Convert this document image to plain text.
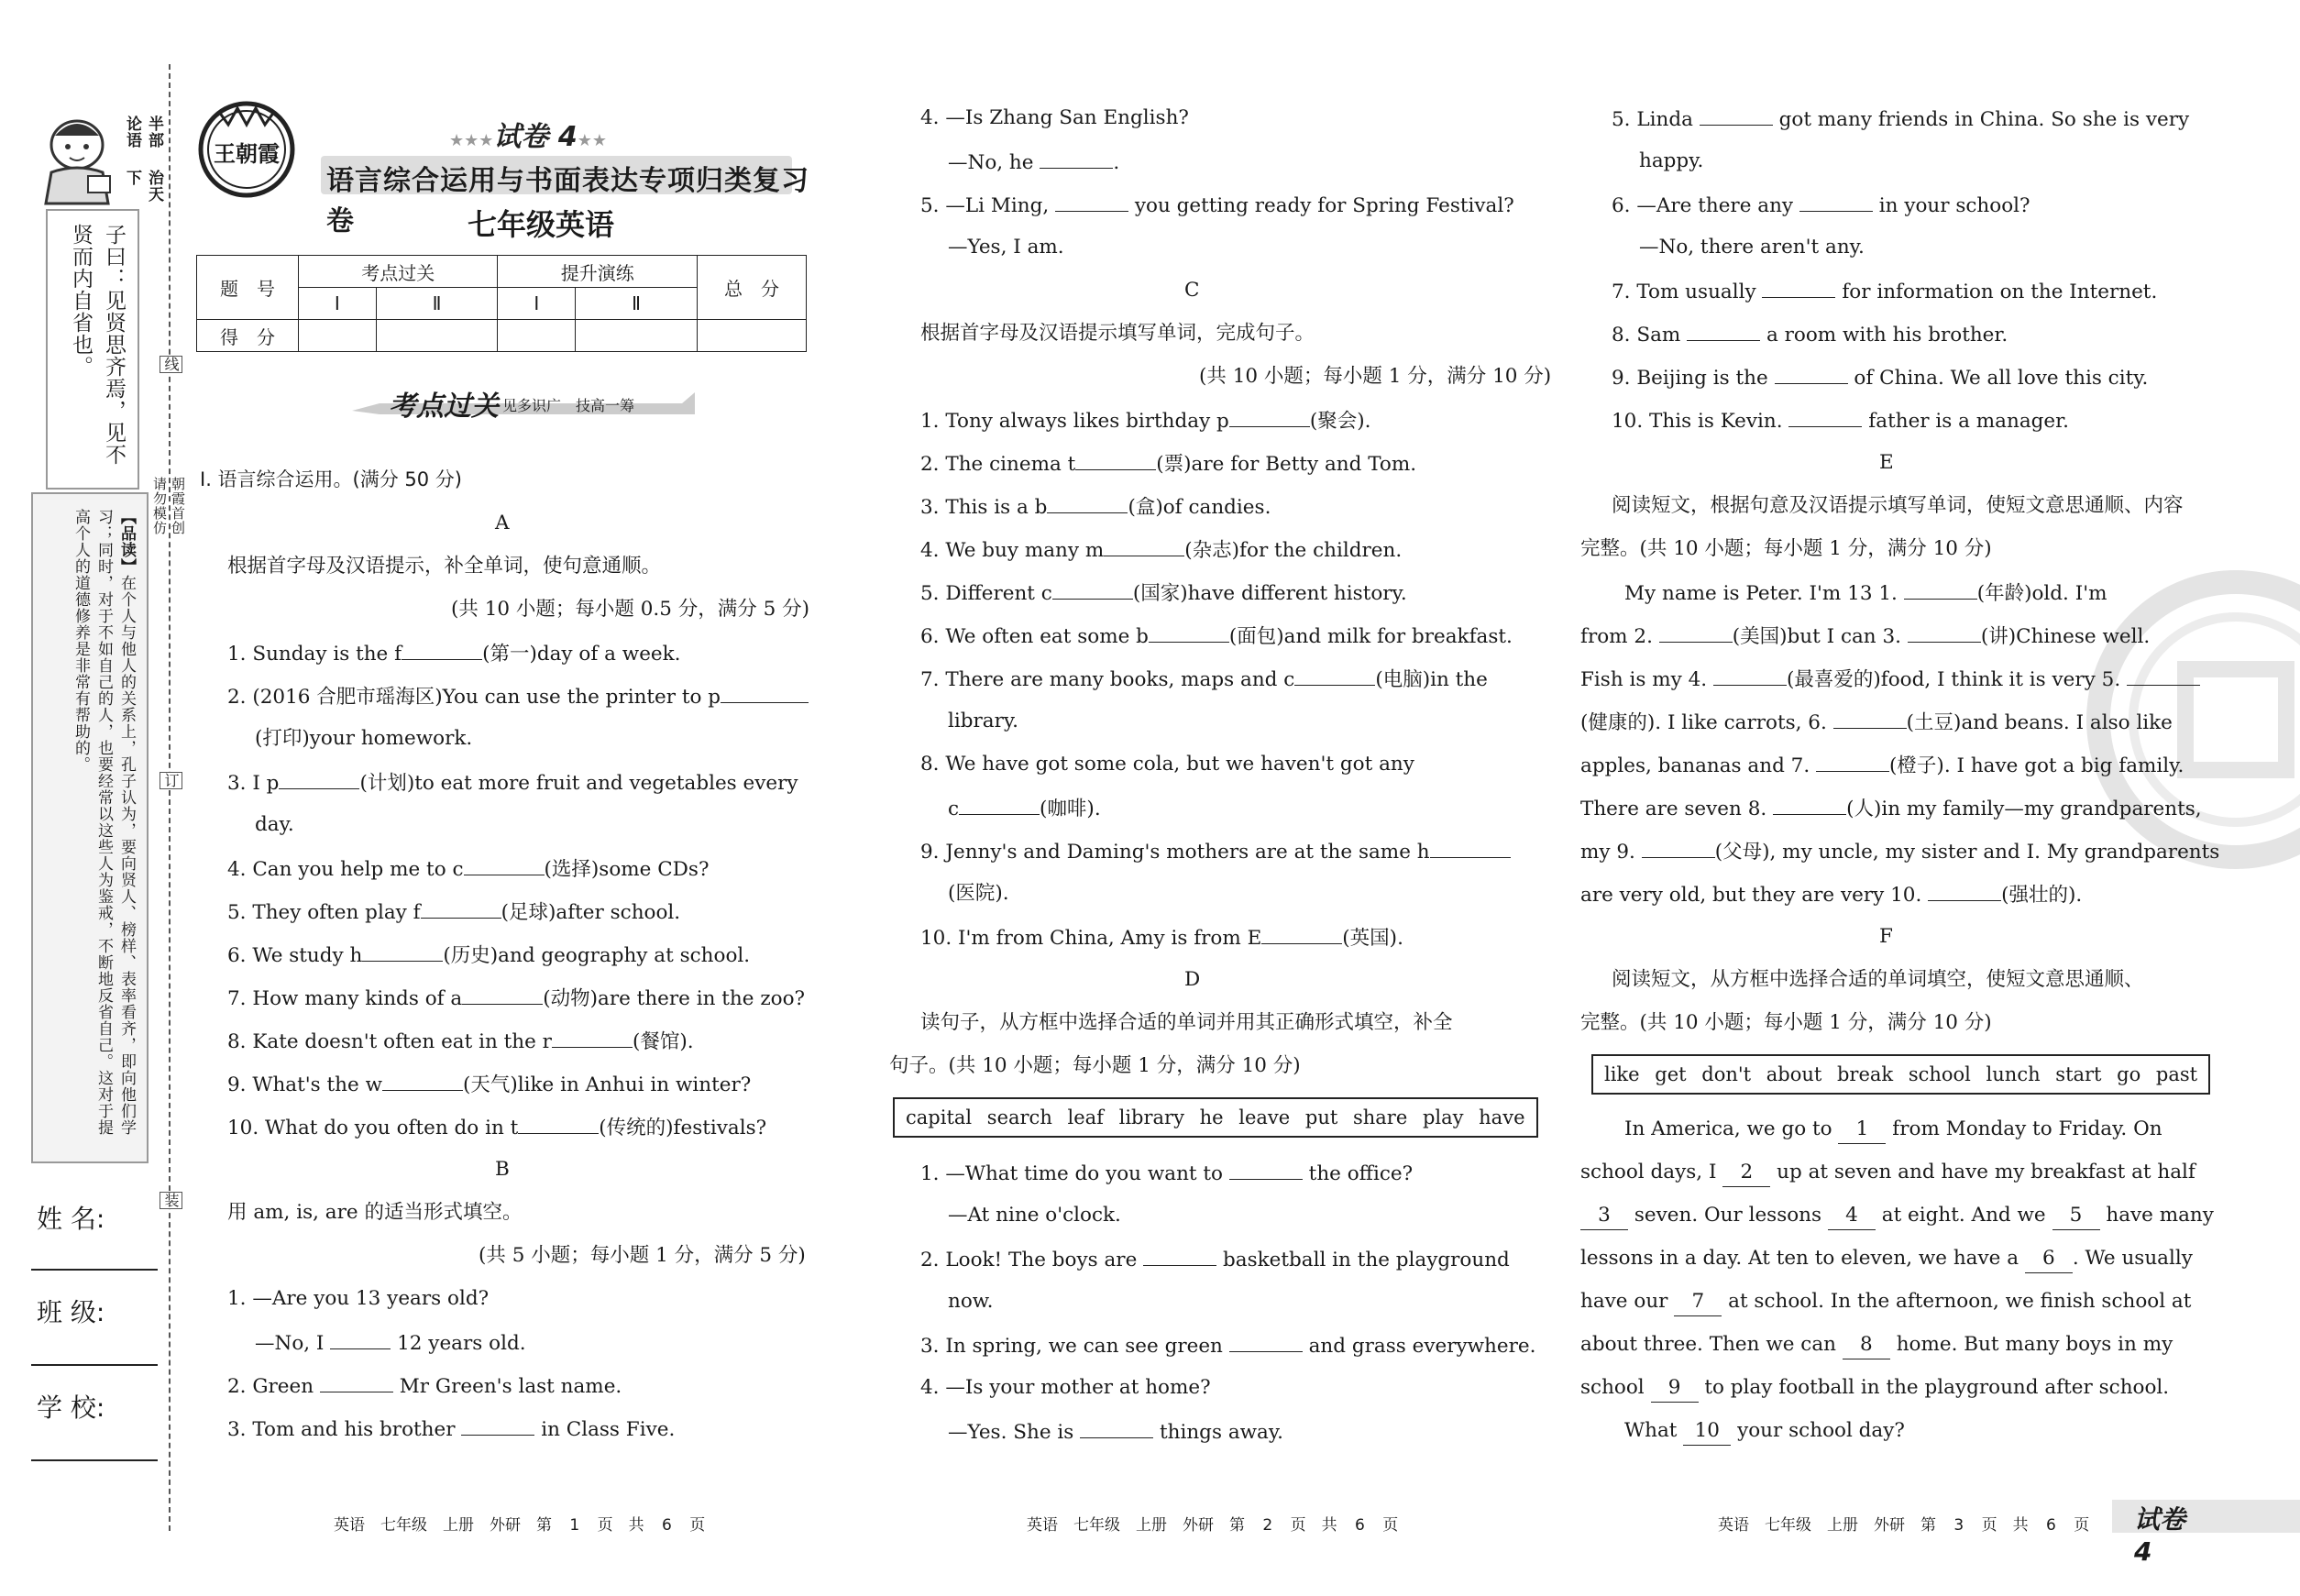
半部论语治天下
子曰：见贤思齐焉，见不贤而内自省也。
【品读】在个人与他人的关系上，孔子认为，要向贤人、榜样、表率看齐，即向他们学习；同时，对于不如自己的人，也要经常以这些人为鉴戒，不断地反省自己。这对于提高个人的道德修养是非常有帮助的。
姓 名:
班 级:
学 校:
线
订
装
朝霞首创　请勿模仿
王朝霞
★★★试卷 4★★
语言综合运用与书面表达专项归类复习卷	七年级英语
题　号	考点过关		提升演练		总　分
	Ⅰ	Ⅱ	Ⅰ	Ⅱ	
得　分					
考点过关 见多识广　技高一筹
Ⅰ. 语言综合运用。(满分 50 分)
A
根据首字母及汉语提示，补全单词，使句意通顺。
(共 10 小题；每小题 0.5 分，满分 5 分)
1. Sunday is the f	(第一)day of a week.
2. (2016 合肥市瑶海区)You can use the printer to p
(打印)your homework.
3. I p	(计划)to eat more fruit and vegetables every
day.
4. Can you help me to c	(选择)some CDs?
5. They often play f	(足球)after school.
6. We study h	(历史)and geography at school.
7. How many kinds of a	(动物)are there in the zoo?
8. Kate doesn't often eat in the r	(餐馆).
9. What's the w	(天气)like in Anhui in winter?
10. What do you often do in t	(传统的)festivals?
B
用 am, is, are 的适当形式填空。
(共 5 小题；每小题 1 分，满分 5 分)
1. —Are you 13 years old?
—No, I	12 years old.
2. Green	Mr Green's last name.
3. Tom and his brother	in Class Five.
英语　七年级　上册　外研　第 1 页　共 6 页
4. —Is Zhang San English?
—No, he	.
5. —Li Ming,	you getting ready for Spring Festival?
—Yes, I am.
C
根据首字母及汉语提示填写单词，完成句子。
(共 10 小题；每小题 1 分，满分 10 分)
1. Tony always likes birthday p	(聚会).
2. The cinema t	(票)are for Betty and Tom.
3. This is a b	(盒)of candies.
4. We buy many m	(杂志)for the children.
5. Different c	(国家)have different history.
6. We often eat some b	(面包)and milk for breakfast.
7. There are many books, maps and c	(电脑)in the
library.
8. We have got some cola, but we haven't got any
c	(咖啡).
9. Jenny's and Daming's mothers are at the same h
(医院).
10. I'm from China, Amy is from E	(英国).
D
读句子，从方框中选择合适的单词并用其正确形式填空，补全
句子。(共 10 小题；每小题 1 分，满分 10 分)
capital search leaf library he leave put share play have
1. —What time do you want to	the office?
—At nine o'clock.
2. Look! The boys are	basketball in the playground
now.
3. In spring, we can see green	and grass everywhere.
4. —Is your mother at home?
—Yes. She is	things away.
英语　七年级　上册　外研　第 2 页　共 6 页
5. Linda	got many friends in China. So she is very
happy.
6. —Are there any	in your school?
—No, there aren't any.
7. Tom usually	for information on the Internet.
8. Sam	a room with his brother.
9. Beijing is the	of China. We all love this city.
10. This is Kevin.	father is a manager.
E
阅读短文，根据句意及汉语提示填写单词，使短文意思通顺、内容
完整。(共 10 小题；每小题 1 分，满分 10 分)
My name is Peter. I'm 13 1.	(年龄)old. I'm
from 2.	(美国)but I can 3.	(讲)Chinese well.
Fish is my 4.	(最喜爱的)food, I think it is very 5.
(健康的). I like carrots, 6.	(土豆)and beans. I also like
apples, bananas and 7.	(橙子). I have got a big family.
There are seven 8.	(人)in my family—my grandparents,
my 9.	(父母), my uncle, my sister and I. My grandparents
are very old, but they are very 10.	(强壮的).
F
阅读短文，从方框中选择合适的单词填空，使短文意思通顺、
完整。(共 10 小题；每小题 1 分，满分 10 分)
like get don't about break school lunch start go past
In America, we go to 1 from Monday to Friday. On
school days, I 2 up at seven and have my breakfast at half
3 seven. Our lessons 4 at eight. And we 5 have many
lessons in a day. At ten to eleven, we have a 6 . We usually
have our 7 at school. In the afternoon, we finish school at
about three. Then we can 8 home. But many boys in my
school 9 to play football in the playground after school.
What 10 your school day?
英语　七年级　上册　外研　第 3 页　共 6 页 试卷 4
